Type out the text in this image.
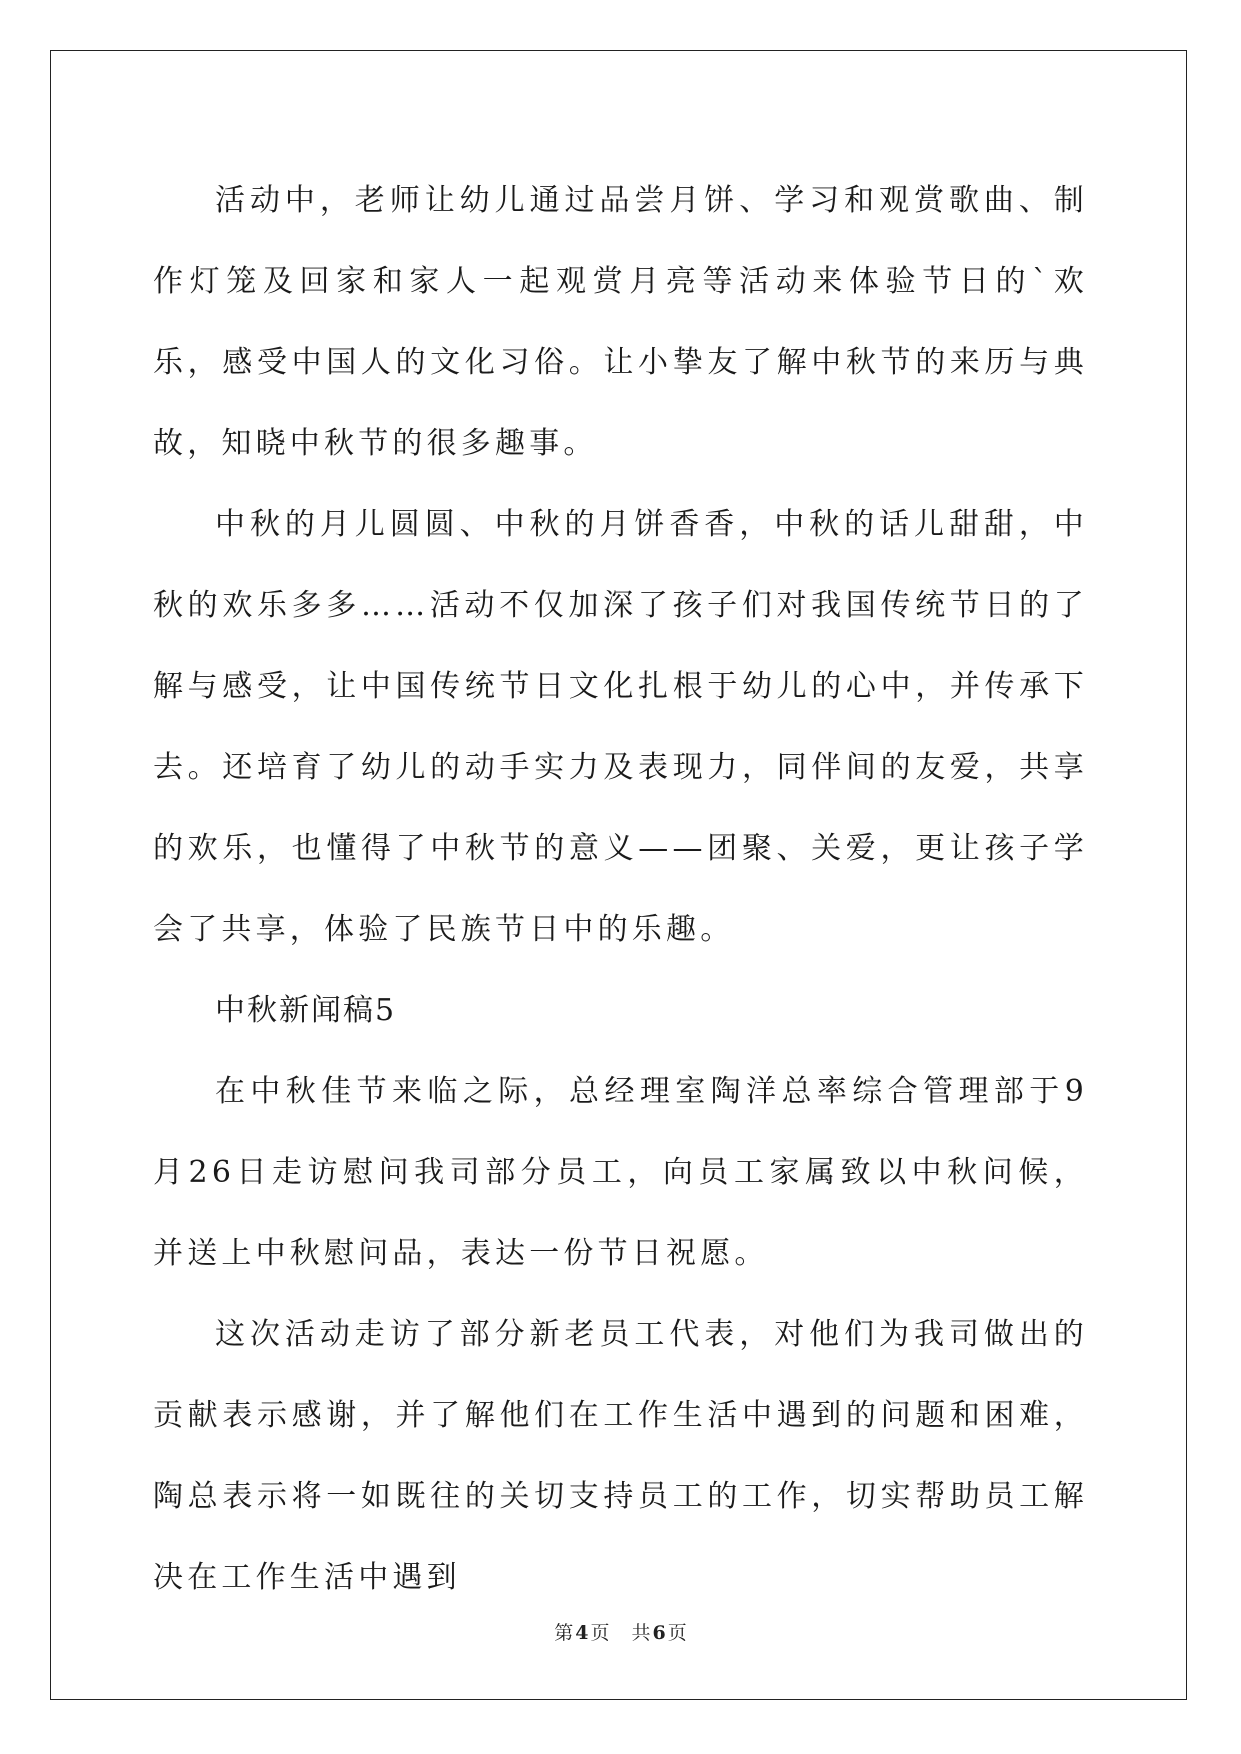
活动中，老师让幼儿通过品尝月饼、学习和观赏歌曲、制作灯笼及回家和家人一起观赏月亮等活动来体验节日的`欢乐，感受中国人的文化习俗。让小挚友了解中秋节的来历与典故，知晓中秋节的很多趣事。

中秋的月儿圆圆、中秋的月饼香香，中秋的话儿甜甜，中秋的欢乐多多……活动不仅加深了孩子们对我国传统节日的了解与感受，让中国传统节日文化扎根于幼儿的心中，并传承下去。还培育了幼儿的动手实力及表现力，同伴间的友爱，共享的欢乐，也懂得了中秋节的意义——团聚、关爱，更让孩子学会了共享，体验了民族节日中的乐趣。

中秋新闻稿5

在中秋佳节来临之际，总经理室陶洋总率综合管理部于9月26日走访慰问我司部分员工，向员工家属致以中秋问候，并送上中秋慰问品，表达一份节日祝愿。

这次活动走访了部分新老员工代表，对他们为我司做出的贡献表示感谢，并了解他们在工作生活中遇到的问题和困难，陶总表示将一如既往的关切支持员工的工作，切实帮助员工解决在工作生活中遇到

第 4 页 共 6 页
